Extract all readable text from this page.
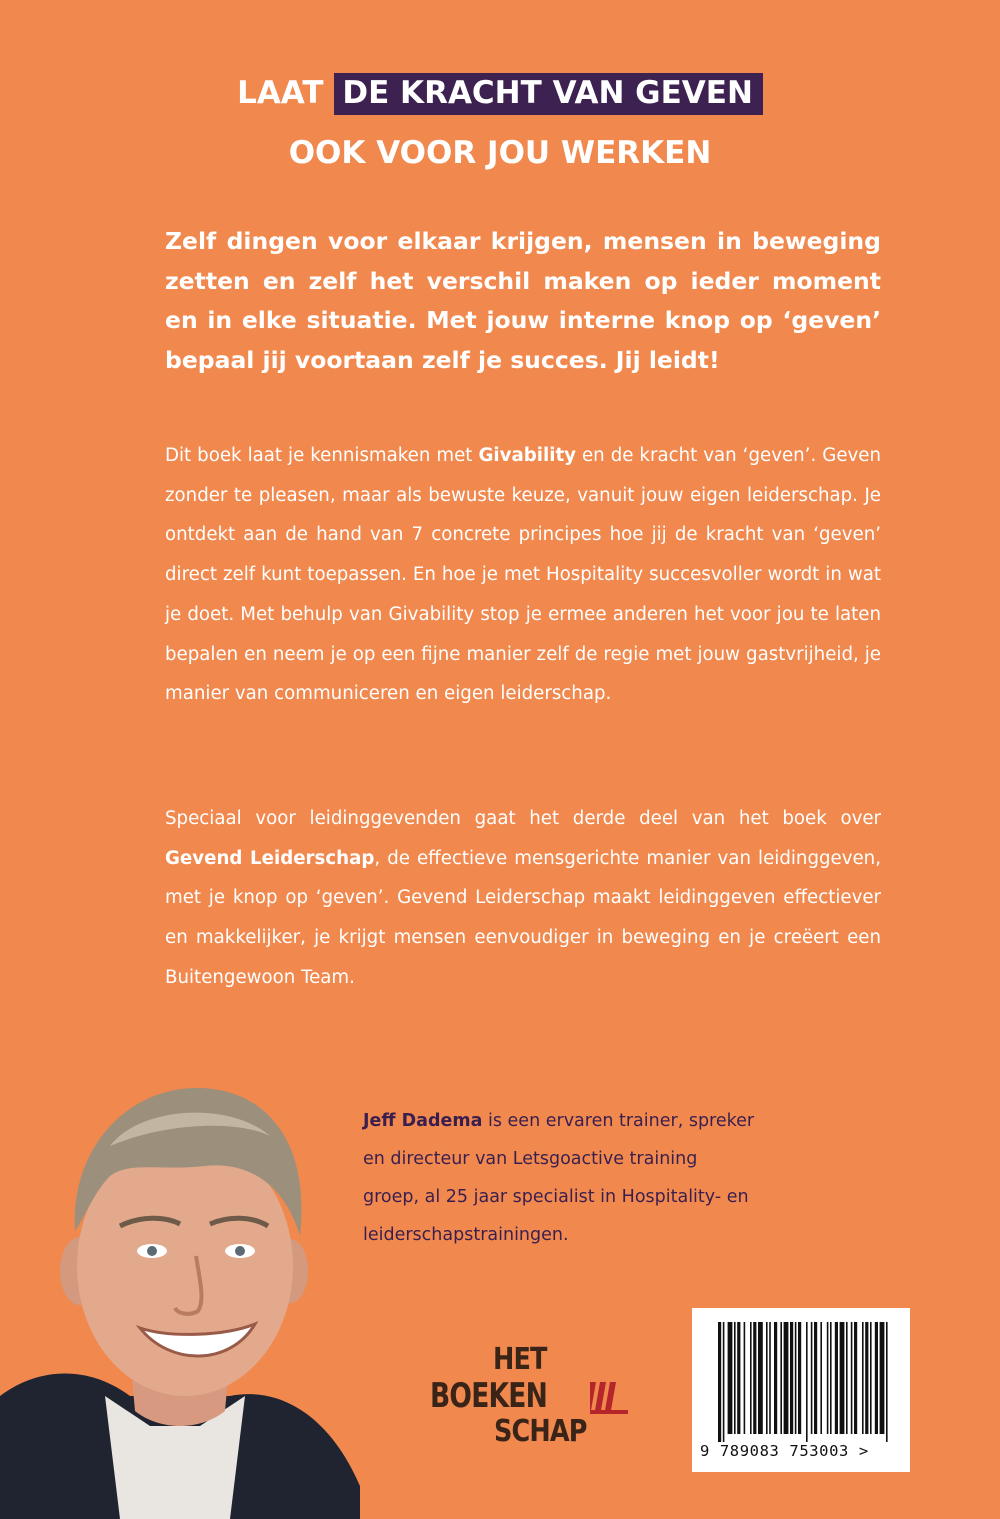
LAAT DE KRACHT VAN GEVEN
OOK VOOR JOU WERKEN
Zelf dingen voor elkaar krijgen, mensen in beweging zetten en zelf het verschil maken op ieder moment en in elke situatie. Met jouw interne knop op ‘geven’ bepaal jij voortaan zelf je succes. Jij leidt!
Dit boek laat je kennismaken met Givability en de kracht van ‘geven’. Geven zonder te pleasen, maar als bewuste keuze, vanuit jouw eigen leiderschap. Je ontdekt aan de hand van 7 concrete principes hoe jij de kracht van ‘geven’ direct zelf kunt toepassen. En hoe je met Hospitality succesvoller wordt in wat je doet. Met behulp van Givability stop je ermee anderen het voor jou te laten bepalen en neem je op een fijne manier zelf de regie met jouw gastvrijheid, je manier van communiceren en eigen leiderschap.
Speciaal voor leidinggevenden gaat het derde deel van het boek over Gevend Leiderschap, de effectieve mensgerichte manier van leidinggeven, met je knop op ‘geven’. Gevend Leiderschap maakt leidinggeven effectiever en makkelijker, je krijgt mensen eenvoudiger in beweging en je creëert een Buitengewoon Team.
Jeff Dadema is een ervaren trainer, spreker
en directeur van Letsgoactive training
groep, al 25 jaar specialist in Hospitality- en
leiderschapstrainingen.
HET
BOEKEN
SCHAP
9 789083 753003 >
